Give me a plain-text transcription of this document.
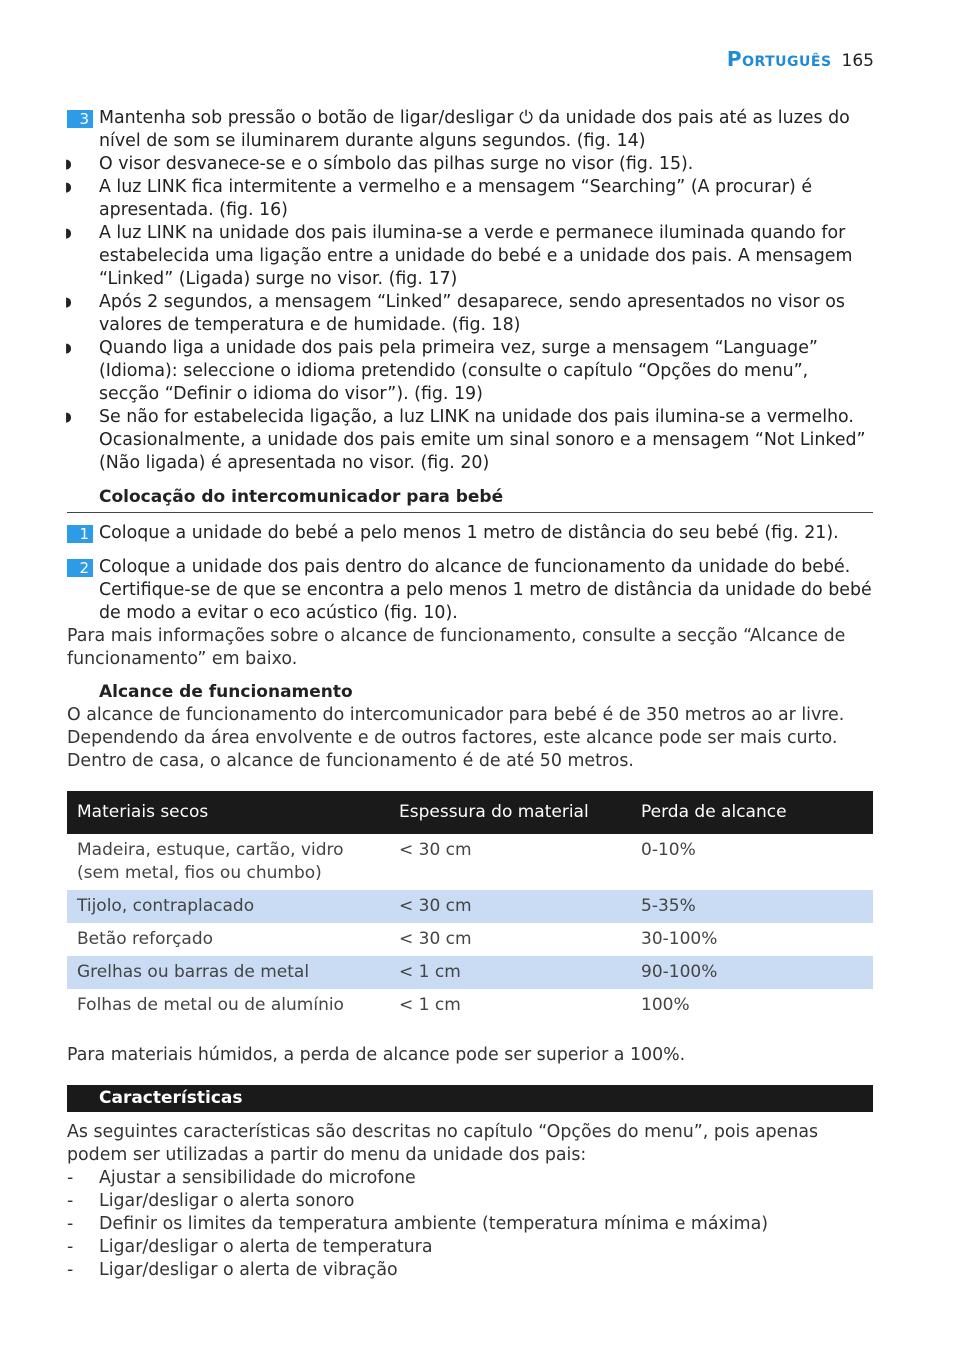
Português 165
3 Mantenha sob pressão o botão de ligar/desligar ⏻ da unidade dos pais até as luzes do nível de som se iluminarem durante alguns segundos. (fig. 14)
◗ O visor desvanece-se e o símbolo das pilhas surge no visor (fig. 15).
◗ A luz LINK fica intermitente a vermelho e a mensagem “Searching” (A procurar) é apresentada. (fig. 16)
◗ A luz LINK na unidade dos pais ilumina-se a verde e permanece iluminada quando for estabelecida uma ligação entre a unidade do bebé e a unidade dos pais. A mensagem “Linked” (Ligada) surge no visor. (fig. 17)
◗ Após 2 segundos, a mensagem “Linked” desaparece, sendo apresentados no visor os valores de temperatura e de humidade. (fig. 18)
◗ Quando liga a unidade dos pais pela primeira vez, surge a mensagem “Language” (Idioma): seleccione o idioma pretendido (consulte o capítulo “Opções do menu”, secção “Definir o idioma do visor”). (fig. 19)
◗ Se não for estabelecida ligação, a luz LINK na unidade dos pais ilumina-se a vermelho. Ocasionalmente, a unidade dos pais emite um sinal sonoro e a mensagem “Not Linked” (Não ligada) é apresentada no visor. (fig. 20)
Colocação do intercomunicador para bebé
1 Coloque a unidade do bebé a pelo menos 1 metro de distância do seu bebé (fig. 21).
2 Coloque a unidade dos pais dentro do alcance de funcionamento da unidade do bebé. Certifique-se de que se encontra a pelo menos 1 metro de distância da unidade do bebé de modo a evitar o eco acústico (fig. 10).
Para mais informações sobre o alcance de funcionamento, consulte a secção “Alcance de funcionamento” em baixo.
Alcance de funcionamento
O alcance de funcionamento do intercomunicador para bebé é de 350 metros ao ar livre. Dependendo da área envolvente e de outros factores, este alcance pode ser mais curto. Dentro de casa, o alcance de funcionamento é de até 50 metros.
Materiais secos	Espessura do material	Perda de alcance
Madeira, estuque, cartão, vidro (sem metal, fios ou chumbo)	< 30 cm	0-10%
Tijolo, contraplacado	< 30 cm	5-35%
Betão reforçado	< 30 cm	30-100%
Grelhas ou barras de metal	< 1 cm	90-100%
Folhas de metal ou de alumínio	< 1 cm	100%
Para materiais húmidos, a perda de alcance pode ser superior a 100%.
Características
As seguintes características são descritas no capítulo “Opções do menu”, pois apenas podem ser utilizadas a partir do menu da unidade dos pais:
- Ajustar a sensibilidade do microfone
- Ligar/desligar o alerta sonoro
- Definir os limites da temperatura ambiente (temperatura mínima e máxima)
- Ligar/desligar o alerta de temperatura
- Ligar/desligar o alerta de vibração
